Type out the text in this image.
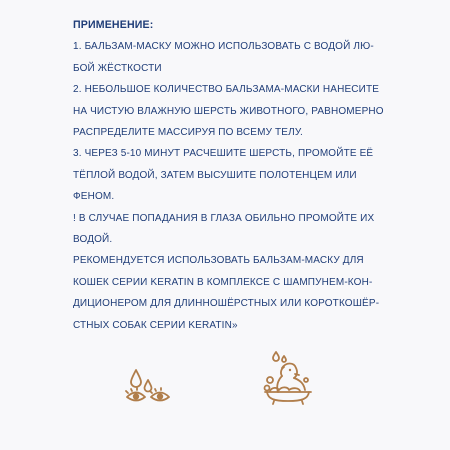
ПРИМЕНЕНИЕ:

1. БАЛЬЗАМ-МАСКУ МОЖНО ИСПОЛЬЗОВАТЬ С ВОДОЙ ЛЮ-

БОЙ ЖЁСТКОСТИ

2. НЕБОЛЬШОЕ КОЛИЧЕСТВО БАЛЬЗАМА-МАСКИ НАНЕСИТЕ

НА ЧИСТУЮ ВЛАЖНУЮ ШЕРСТЬ ЖИВОТНОГО, РАВНОМЕРНО

РАСПРЕДЕЛИТЕ МАССИРУЯ ПО ВСЕМУ ТЕЛУ.

3. ЧЕРЕЗ 5-10 МИНУТ РАСЧЕШИТЕ ШЕРСТЬ, ПРОМОЙТЕ ЕЁ

ТЁПЛОЙ ВОДОЙ, ЗАТЕМ ВЫСУШИТЕ ПОЛОТЕНЦЕМ ИЛИ

ФЕНОМ.

! В СЛУЧАЕ ПОПАДАНИЯ В ГЛАЗА ОБИЛЬНО ПРОМОЙТЕ ИХ

ВОДОЙ.

РЕКОМЕНДУЕТСЯ ИСПОЛЬЗОВАТЬ БАЛЬЗАМ-МАСКУ ДЛЯ

КОШЕК СЕРИИ KERATIN В КОМПЛЕКСЕ С ШАМПУНЕМ-КОН-

ДИЦИОНЕРОМ ДЛЯ ДЛИННОШЁРСТНЫХ ИЛИ КОРОТКОШЁР-

СТНЫХ СОБАК СЕРИИ KERATIN»
